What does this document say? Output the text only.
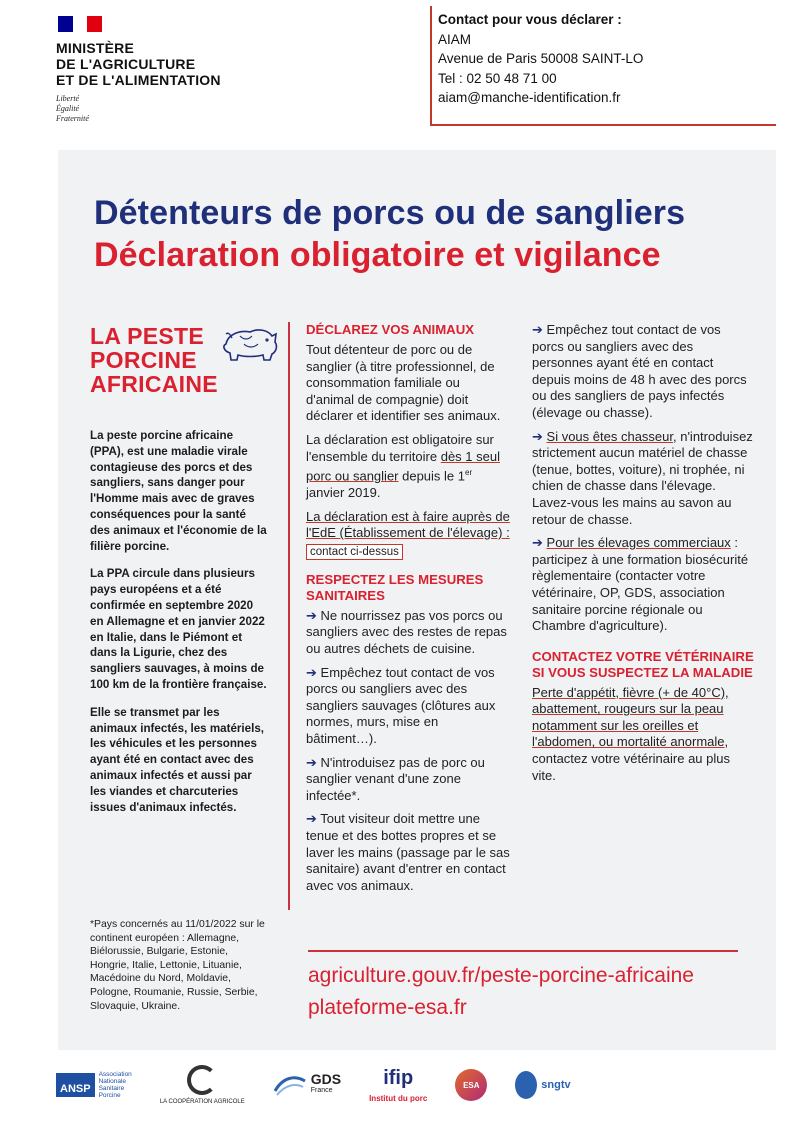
MINISTÈRE
DE L'AGRICULTURE
ET DE L'ALIMENTATION
Liberté
Égalité
Fraternité
Contact pour vous déclarer :
AIAM
Avenue de Paris 50008 SAINT-LO
Tel : 02 50 48 71 00
aiam@manche-identification.fr
Détenteurs de porcs ou de sangliers
Déclaration obligatoire et vigilance
LA PESTE
PORCINE
AFRICAINE

La peste porcine africaine (PPA), est une maladie virale contagieuse des porcs et des sangliers, sans danger pour l'Homme mais avec de graves conséquences pour la santé des animaux et l'économie de la filière porcine.

La PPA circule dans plusieurs pays européens et a été confirmée en septembre 2020 en Allemagne et en janvier 2022 en Italie, dans le Piémont et dans la Ligurie, chez des sangliers sauvages, à moins de 100 km de la frontière française.

Elle se transmet par les animaux infectés, les matériels, les véhicules et les personnes ayant été en contact avec des animaux infectés et aussi par les viandes et charcuteries issues d'animaux infectés.

*Pays concernés au 11/01/2022 sur le continent européen : Allemagne, Biélorussie, Bulgarie, Estonie, Hongrie, Italie, Lettonie, Lituanie, Macédoine du Nord, Moldavie, Pologne, Roumanie, Russie, Serbie, Slovaquie, Ukraine.
DÉCLAREZ VOS ANIMAUX

Tout détenteur de porc ou de sanglier (à titre professionnel, de consommation familiale ou d'animal de compagnie) doit déclarer et identifier ses animaux.

La déclaration est obligatoire sur l'ensemble du territoire dès 1 seul porc ou sanglier depuis le 1er janvier 2019.

La déclaration est à faire auprès de l'EdE (Établissement de l'élevage) : contact ci-dessus

RESPECTEZ LES MESURES SANITAIRES

➔ Ne nourrissez pas vos porcs ou sangliers avec des restes de repas ou autres déchets de cuisine.

➔ Empêchez tout contact de vos porcs ou sangliers avec des sangliers sauvages (clôtures aux normes, murs, mise en bâtiment…).

➔ N'introduisez pas de porc ou sanglier venant d'une zone infectée*.

➔ Tout visiteur doit mettre une tenue et des bottes propres et se laver les mains (passage par le sas sanitaire) avant d'entrer en contact avec vos animaux.

➔ Empêchez tout contact de vos porcs ou sangliers avec des personnes ayant été en contact depuis moins de 48 h avec des porcs ou des sangliers de pays infectés (élevage ou chasse).

➔ Si vous êtes chasseur, n'introduisez strictement aucun matériel de chasse (tenue, bottes, voiture), ni trophée, ni chien de chasse dans l'élevage. Lavez-vous les mains au savon au retour de chasse.

➔ Pour les élevages commerciaux : participez à une formation biosécurité règlementaire (contacter votre vétérinaire, OP, GDS, association sanitaire porcine régionale ou Chambre d'agriculture).

CONTACTEZ VOTRE VÉTÉRINAIRE SI VOUS SUSPECTEZ LA MALADIE

Perte d'appétit, fièvre (+ de 40°C), abattement, rougeurs sur la peau notamment sur les oreilles et l'abdomen, ou mortalité anormale, contactez votre vétérinaire au plus vite.

agriculture.gouv.fr/peste-porcine-africaine
plateforme-esa.fr
ANSP
Association
Nationale
Sanitaire
Porcine
LA COOPÉRATION AGRICOLE
GDS
France
ifip
Institut du porc
ESA	sngtv
